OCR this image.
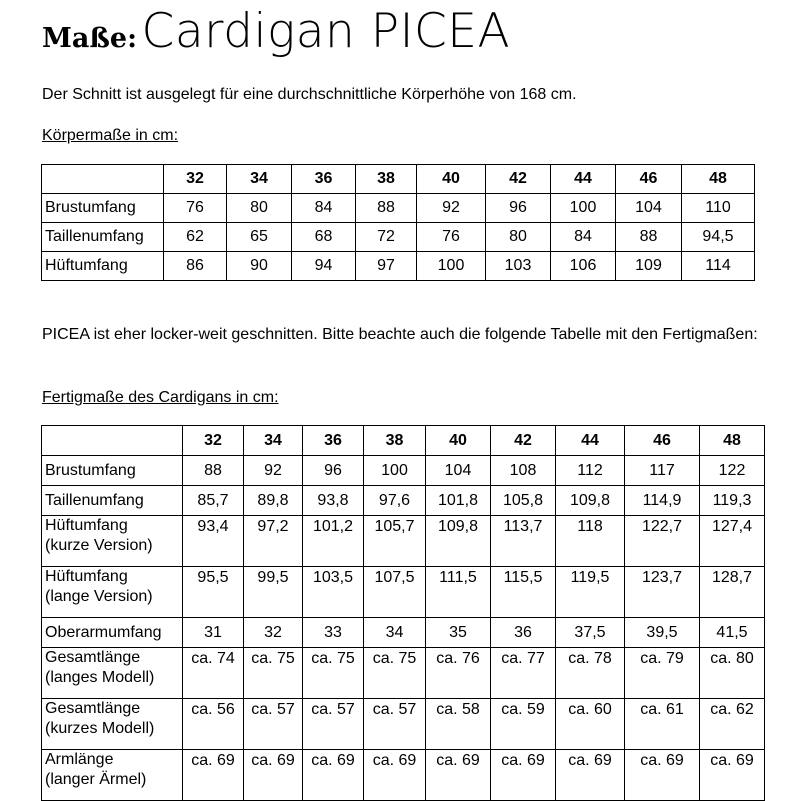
Maße: Cardigan PICEA
Der Schnitt ist ausgelegt für eine durchschnittliche Körperhöhe von 168 cm.
Körpermaße in cm:
	32	34	36	38	40	42	44	46	48
Brustumfang	76	80	84	88	92	96	100	104	110
Taillenumfang	62	65	68	72	76	80	84	88	94,5
Hüftumfang	86	90	94	97	100	103	106	109	114
PICEA ist eher locker-weit geschnitten. Bitte beachte auch die folgende Tabelle mit den Fertigmaßen:
Fertigmaße des Cardigans in cm:
	32	34	36	38	40	42	44	46	48
Brustumfang	88	92	96	100	104	108	112	117	122
Taillenumfang	85,7	89,8	93,8	97,6	101,8	105,8	109,8	114,9	119,3
Hüftumfang
(kurze Version)	93,4	97,2	101,2	105,7	109,8	113,7	118	122,7	127,4
Hüftumfang
(lange Version)	95,5	99,5	103,5	107,5	111,5	115,5	119,5	123,7	128,7
Oberarmumfang	31	32	33	34	35	36	37,5	39,5	41,5
Gesamtlänge
(langes Modell)	ca. 74	ca. 75	ca. 75	ca. 75	ca. 76	ca. 77	ca. 78	ca. 79	ca. 80
Gesamtlänge
(kurzes Modell)	ca. 56	ca. 57	ca. 57	ca. 57	ca. 58	ca. 59	ca. 60	ca. 61	ca. 62
Armlänge
(langer Ärmel)	ca. 69	ca. 69	ca. 69	ca. 69	ca. 69	ca. 69	ca. 69	ca. 69	ca. 69
